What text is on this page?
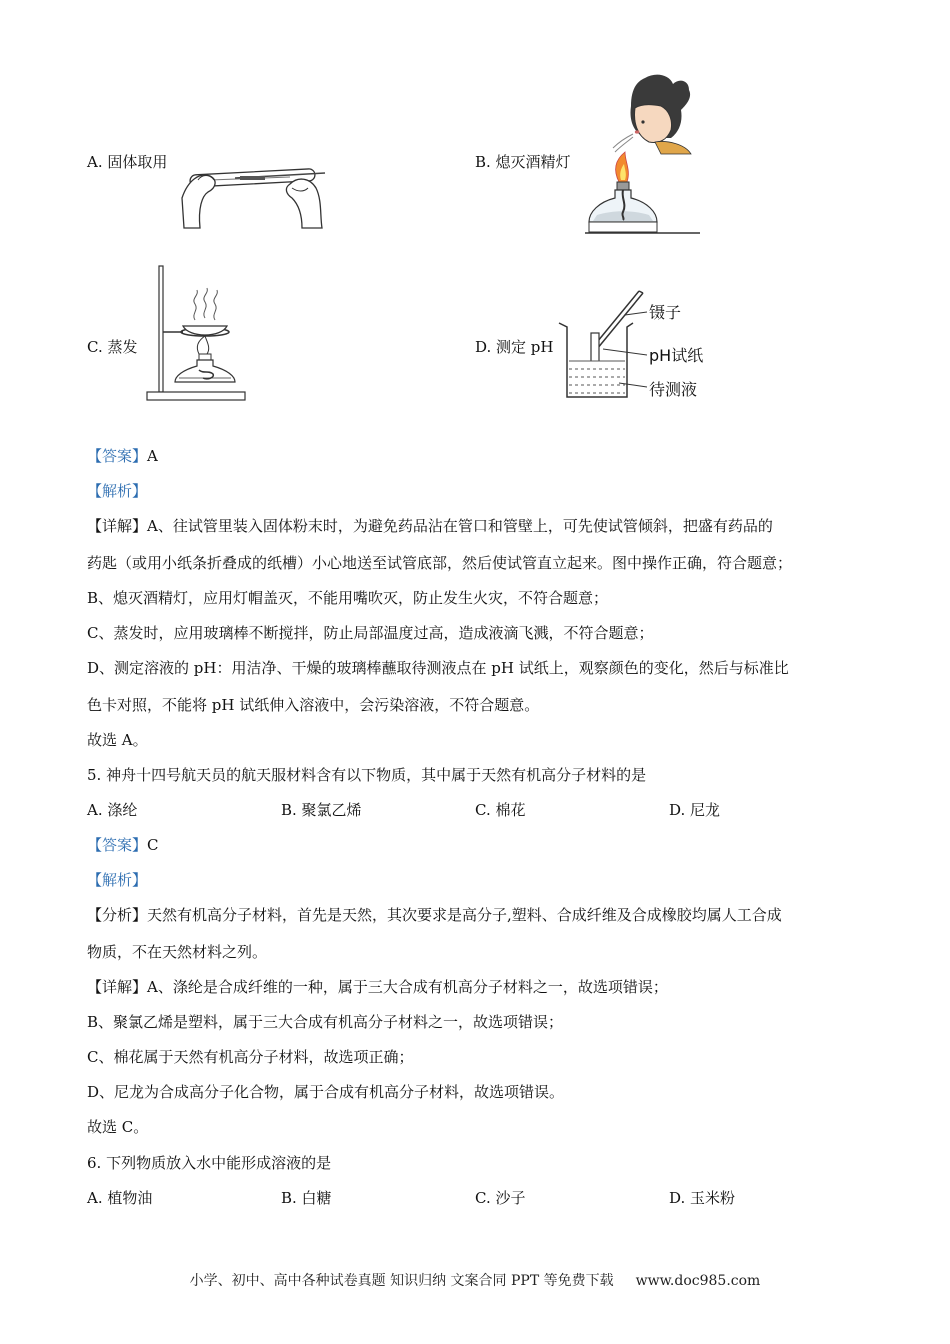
A. 固体取用	B. 熄灭酒精灯
C. 蒸发	D. 测定 pH
镊子
pH试纸
待测液
【答案】A
【解析】
【详解】A、往试管里装入固体粉末时，为避免药品沾在管口和管壁上，可先使试管倾斜，把盛有药品的
药匙（或用小纸条折叠成的纸槽）小心地送至试管底部，然后使试管直立起来。图中操作正确，符合题意；
B、熄灭酒精灯，应用灯帽盖灭，不能用嘴吹灭，防止发生火灾，不符合题意；
C、蒸发时，应用玻璃棒不断搅拌，防止局部温度过高，造成液滴飞溅，不符合题意；
D、测定溶液的 pH：用洁净、干燥的玻璃棒蘸取待测液点在 pH 试纸上，观察颜色的变化，然后与标准比
色卡对照，不能将 pH 试纸伸入溶液中，会污染溶液，不符合题意。
故选 A。
5. 神舟十四号航天员的航天服材料含有以下物质，其中属于天然有机高分子材料的是
A. 涤纶	B. 聚氯乙烯	C. 棉花	D. 尼龙
【答案】C
【解析】
【分析】天然有机高分子材料，首先是天然，其次要求是高分子,塑料、合成纤维及合成橡胶均属人工合成
物质，不在天然材料之列。
【详解】A、涤纶是合成纤维的一种，属于三大合成有机高分子材料之一，故选项错误；
B、聚氯乙烯是塑料，属于三大合成有机高分子材料之一，故选项错误；
C、棉花属于天然有机高分子材料，故选项正确；
D、尼龙为合成高分子化合物，属于合成有机高分子材料，故选项错误。
故选 C。
6. 下列物质放入水中能形成溶液的是
A. 植物油	B. 白糖	C. 沙子	D. 玉米粉
小学、初中、高中各种试卷真题 知识归纳 文案合同 PPT 等免费下载 www.doc985.com
